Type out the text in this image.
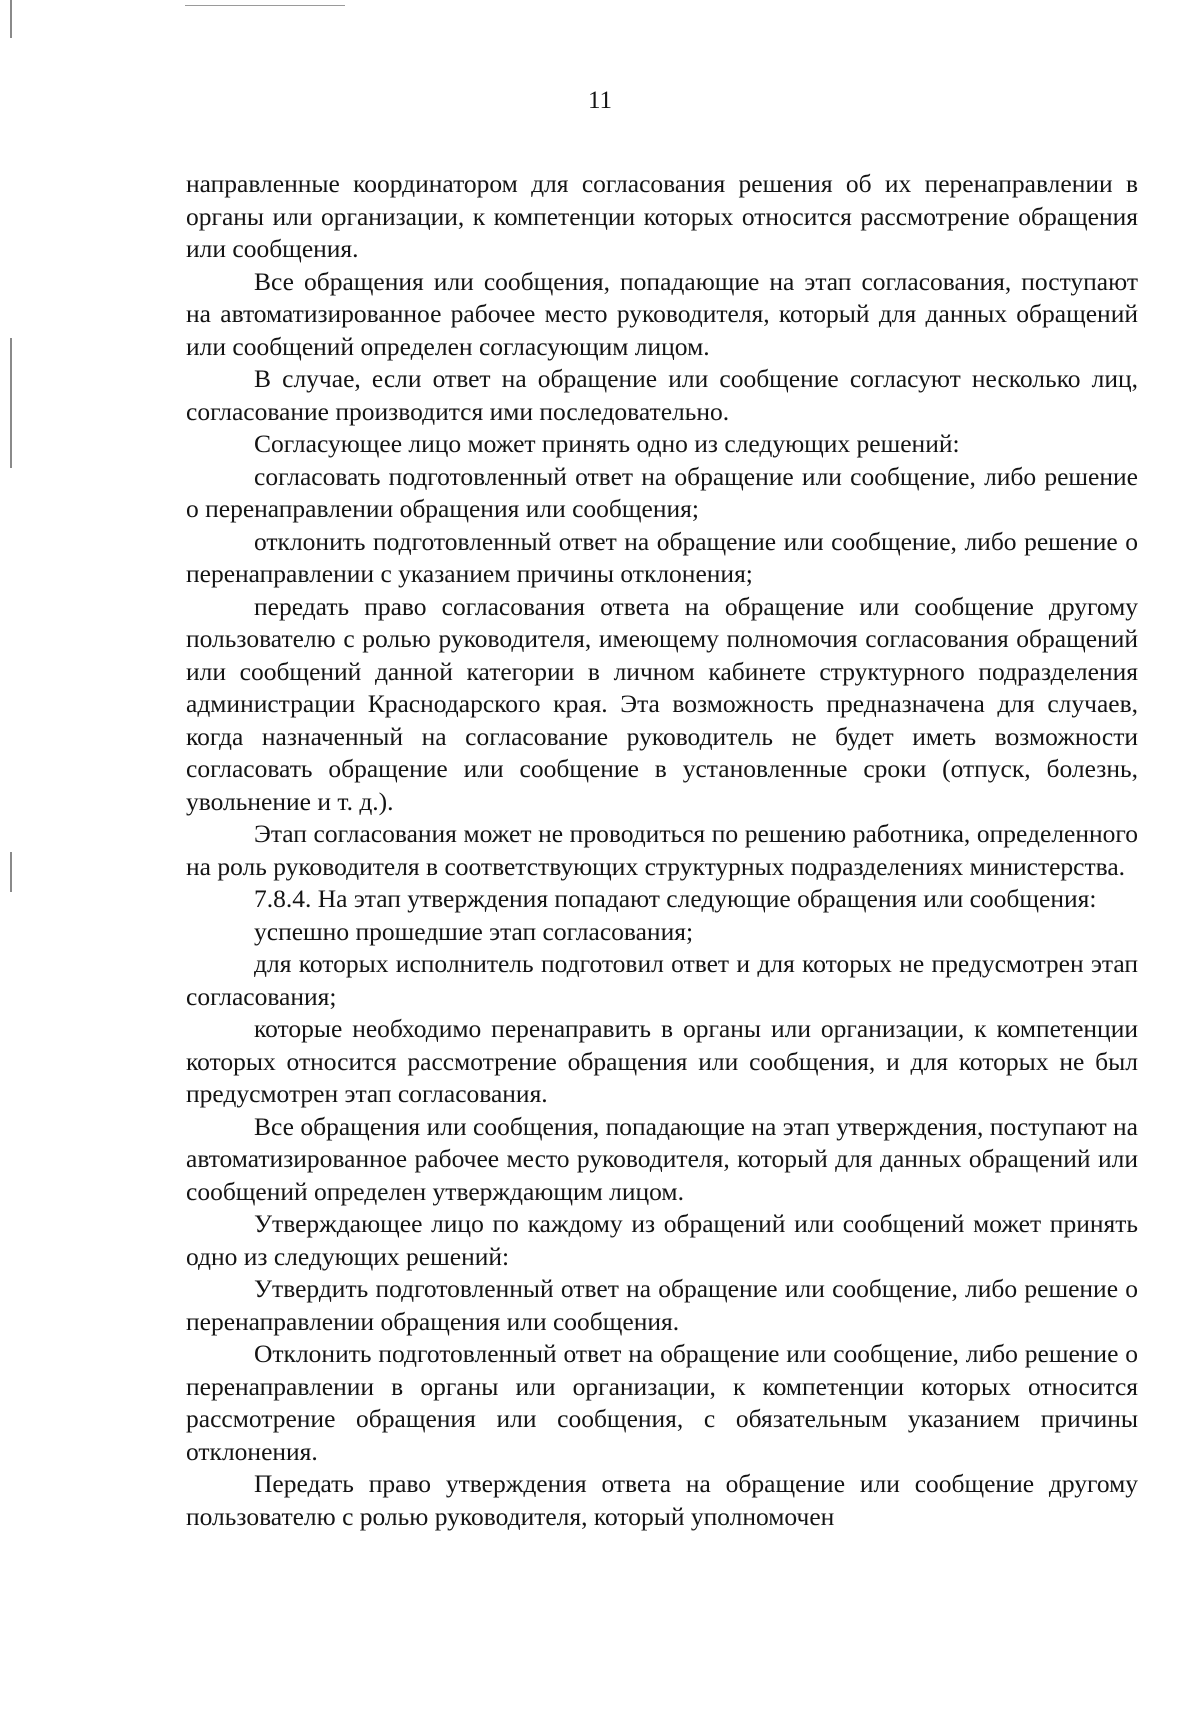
11

направленные координатором для согласования решения об их перенаправлении в органы или организации, к компетенции которых относится рассмотрение обращения или сообщения.

Все обращения или сообщения, попадающие на этап согласования, поступают на автоматизированное рабочее место руководителя, который для данных обращений или сообщений определен согласующим лицом.

В случае, если ответ на обращение или сообщение согласуют несколько лиц, согласование производится ими последовательно.

Согласующее лицо может принять одно из следующих решений:

согласовать подготовленный ответ на обращение или сообщение, либо решение о перенаправлении обращения или сообщения;

отклонить подготовленный ответ на обращение или сообщение, либо решение о перенаправлении с указанием причины отклонения;

передать право согласования ответа на обращение или сообщение другому пользователю с ролью руководителя, имеющему полномочия согласования обращений или сообщений данной категории в личном кабинете структурного подразделения администрации Краснодарского края. Эта возможность предназначена для случаев, когда назначенный на согласование руководитель не будет иметь возможности согласовать обращение или сообщение в установленные сроки (отпуск, болезнь, увольнение и т. д.).

Этап согласования может не проводиться по решению работника, определенного на роль руководителя в соответствующих структурных подразделениях министерства.

7.8.4. На этап утверждения попадают следующие обращения или сообщения:

успешно прошедшие этап согласования;

для которых исполнитель подготовил ответ и для которых не предусмотрен этап согласования;

которые необходимо перенаправить в органы или организации, к компетенции которых относится рассмотрение обращения или сообщения, и для которых не был предусмотрен этап согласования.

Все обращения или сообщения, попадающие на этап утверждения, поступают на автоматизированное рабочее место руководителя, который для данных обращений или сообщений определен утверждающим лицом.

Утверждающее лицо по каждому из обращений или сообщений может принять одно из следующих решений:

Утвердить подготовленный ответ на обращение или сообщение, либо решение о перенаправлении обращения или сообщения.

Отклонить подготовленный ответ на обращение или сообщение, либо решение о перенаправлении в органы или организации, к компетенции которых относится рассмотрение обращения или сообщения, с обязательным указанием причины отклонения.

Передать право утверждения ответа на обращение или сообщение другому пользователю с ролью руководителя, который уполномочен
